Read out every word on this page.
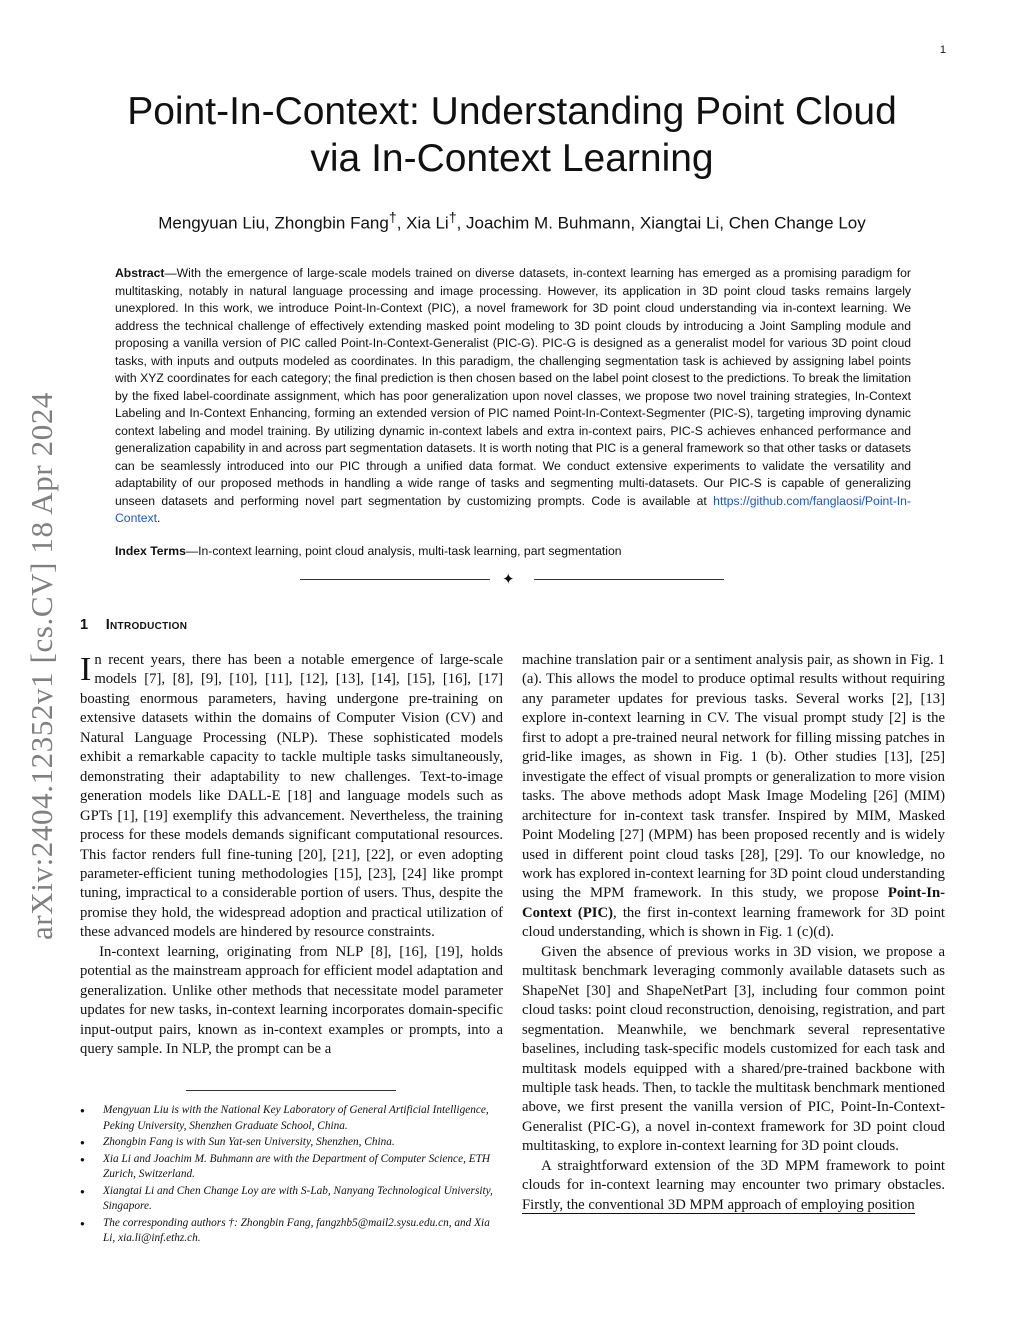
1
arXiv:2404.12352v1 [cs.CV] 18 Apr 2024
Point-In-Context: Understanding Point Cloud
via In-Context Learning
Mengyuan Liu, Zhongbin Fang†, Xia Li†, Joachim M. Buhmann, Xiangtai Li, Chen Change Loy
Abstract—With the emergence of large-scale models trained on diverse datasets, in-context learning has emerged as a promising paradigm for multitasking, notably in natural language processing and image processing. However, its application in 3D point cloud tasks remains largely unexplored. In this work, we introduce Point-In-Context (PIC), a novel framework for 3D point cloud understanding via in-context learning. We address the technical challenge of effectively extending masked point modeling to 3D point clouds by introducing a Joint Sampling module and proposing a vanilla version of PIC called Point-In-Context-Generalist (PIC-G). PIC-G is designed as a generalist model for various 3D point cloud tasks, with inputs and outputs modeled as coordinates. In this paradigm, the challenging segmentation task is achieved by assigning label points with XYZ coordinates for each category; the final prediction is then chosen based on the label point closest to the predictions. To break the limitation by the fixed label-coordinate assignment, which has poor generalization upon novel classes, we propose two novel training strategies, In-Context Labeling and In-Context Enhancing, forming an extended version of PIC named Point-In-Context-Segmenter (PIC-S), targeting improving dynamic context labeling and model training. By utilizing dynamic in-context labels and extra in-context pairs, PIC-S achieves enhanced performance and generalization capability in and across part segmentation datasets. It is worth noting that PIC is a general framework so that other tasks or datasets can be seamlessly introduced into our PIC through a unified data format. We conduct extensive experiments to validate the versatility and adaptability of our proposed methods in handling a wide range of tasks and segmenting multi-datasets. Our PIC-S is capable of generalizing unseen datasets and performing novel part segmentation by customizing prompts. Code is available at https://github.com/fanglaosi/Point-In-Context.
Index Terms—In-context learning, point cloud analysis, multi-task learning, part segmentation
✦
1 Introduction

In recent years, there has been a notable emergence of large-scale models [7], [8], [9], [10], [11], [12], [13], [14], [15], [16], [17] boasting enormous parameters, having undergone pre-training on extensive datasets within the domains of Computer Vision (CV) and Natural Language Processing (NLP). These sophisticated models exhibit a remarkable capacity to tackle multiple tasks simultaneously, demonstrating their adaptability to new challenges. Text-to-image generation models like DALL-E [18] and language models such as GPTs [1], [19] exemplify this advancement. Nevertheless, the training process for these models demands significant computational resources. This factor renders full fine-tuning [20], [21], [22], or even adopting parameter-efficient tuning methodologies [15], [23], [24] like prompt tuning, impractical to a considerable portion of users. Thus, despite the promise they hold, the widespread adoption and practical utilization of these advanced models are hindered by resource constraints.

In-context learning, originating from NLP [8], [16], [19], holds potential as the mainstream approach for efficient model adaptation and generalization. Unlike other methods that necessitate model parameter updates for new tasks, in-context learning incorporates domain-specific input-output pairs, known as in-context examples or prompts, into a query sample. In NLP, the prompt can be a

machine translation pair or a sentiment analysis pair, as shown in Fig. 1 (a). This allows the model to produce optimal results without requiring any parameter updates for previous tasks. Several works [2], [13] explore in-context learning in CV. The visual prompt study [2] is the first to adopt a pre-trained neural network for filling missing patches in grid-like images, as shown in Fig. 1 (b). Other studies [13], [25] investigate the effect of visual prompts or generalization to more vision tasks. The above methods adopt Mask Image Modeling [26] (MIM) architecture for in-context task transfer. Inspired by MIM, Masked Point Modeling [27] (MPM) has been proposed recently and is widely used in different point cloud tasks [28], [29]. To our knowledge, no work has explored in-context learning for 3D point cloud understanding using the MPM framework. In this study, we propose Point-In-Context (PIC), the first in-context learning framework for 3D point cloud understanding, which is shown in Fig. 1 (c)(d).

Given the absence of previous works in 3D vision, we propose a multitask benchmark leveraging commonly available datasets such as ShapeNet [30] and ShapeNetPart [3], including four common point cloud tasks: point cloud reconstruction, denoising, registration, and part segmentation. Meanwhile, we benchmark several representative baselines, including task-specific models customized for each task and multitask models equipped with a shared/pre-trained backbone with multiple task heads. Then, to tackle the multitask benchmark mentioned above, we first present the vanilla version of PIC, Point-In-Context-Generalist (PIC-G), a novel in-context framework for 3D point cloud multitasking, to explore in-context learning for 3D point clouds.

A straightforward extension of the 3D MPM framework to point clouds for in-context learning may encounter two primary obstacles. Firstly, the conventional 3D MPM approach of employing position

● Mengyuan Liu is with the National Key Laboratory of General Artificial Intelligence, Peking University, Shenzhen Graduate School, China.
● Zhongbin Fang is with Sun Yat-sen University, Shenzhen, China.
● Xia Li and Joachim M. Buhmann are with the Department of Computer Science, ETH Zurich, Switzerland.
● Xiangtai Li and Chen Change Loy are with S-Lab, Nanyang Technological University, Singapore.
● The corresponding authors †: Zhongbin Fang, fangzhb5@mail2.sysu.edu.cn, and Xia Li, xia.li@inf.ethz.ch.
